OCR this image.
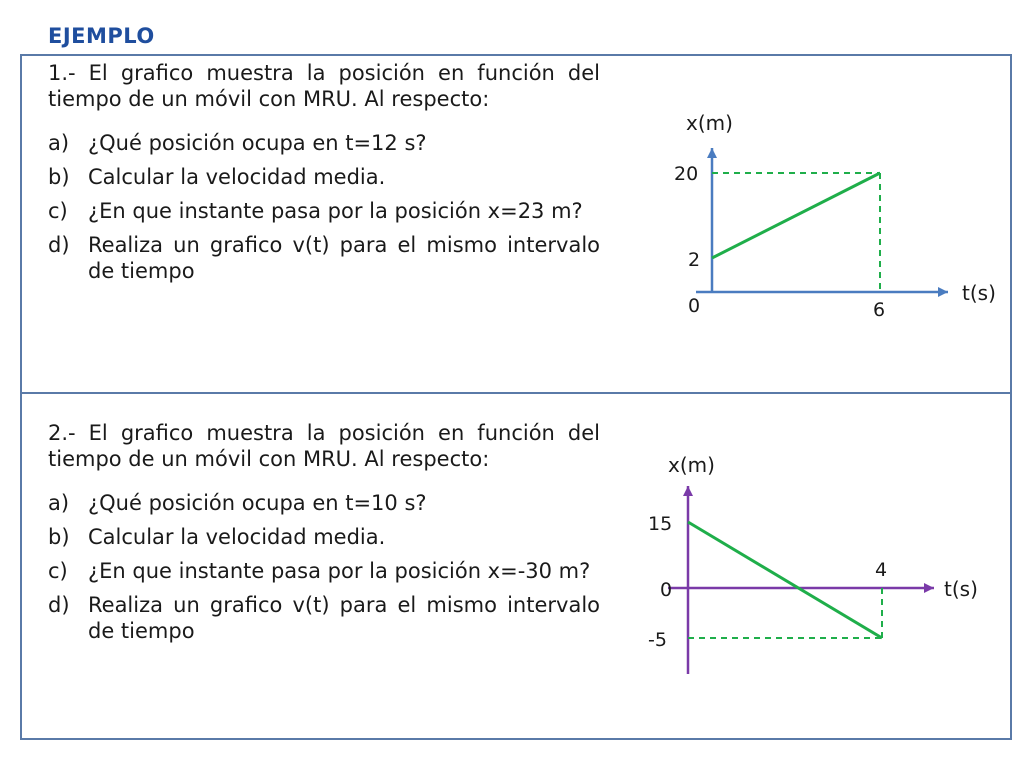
EJEMPLO

1.- El grafico muestra la posición en función del tiempo de un móvil con MRU. Al respecto:

a) ¿Qué posición ocupa en t=12 s?
b) Calcular la velocidad media.
c) ¿En que instante pasa por la posición x=23 m?
d) Realiza un grafico v(t) para el mismo intervalo de tiempo
x(m)
t(s)
20
2
0	6

2.- El grafico muestra la posición en función del tiempo de un móvil con MRU. Al respecto:

a) ¿Qué posición ocupa en t=10 s?
b) Calcular la velocidad media.
c) ¿En que instante pasa por la posición x=-30 m?
d) Realiza un grafico v(t) para el mismo intervalo de tiempo
x(m)
t(s)
15
0
-5
4
